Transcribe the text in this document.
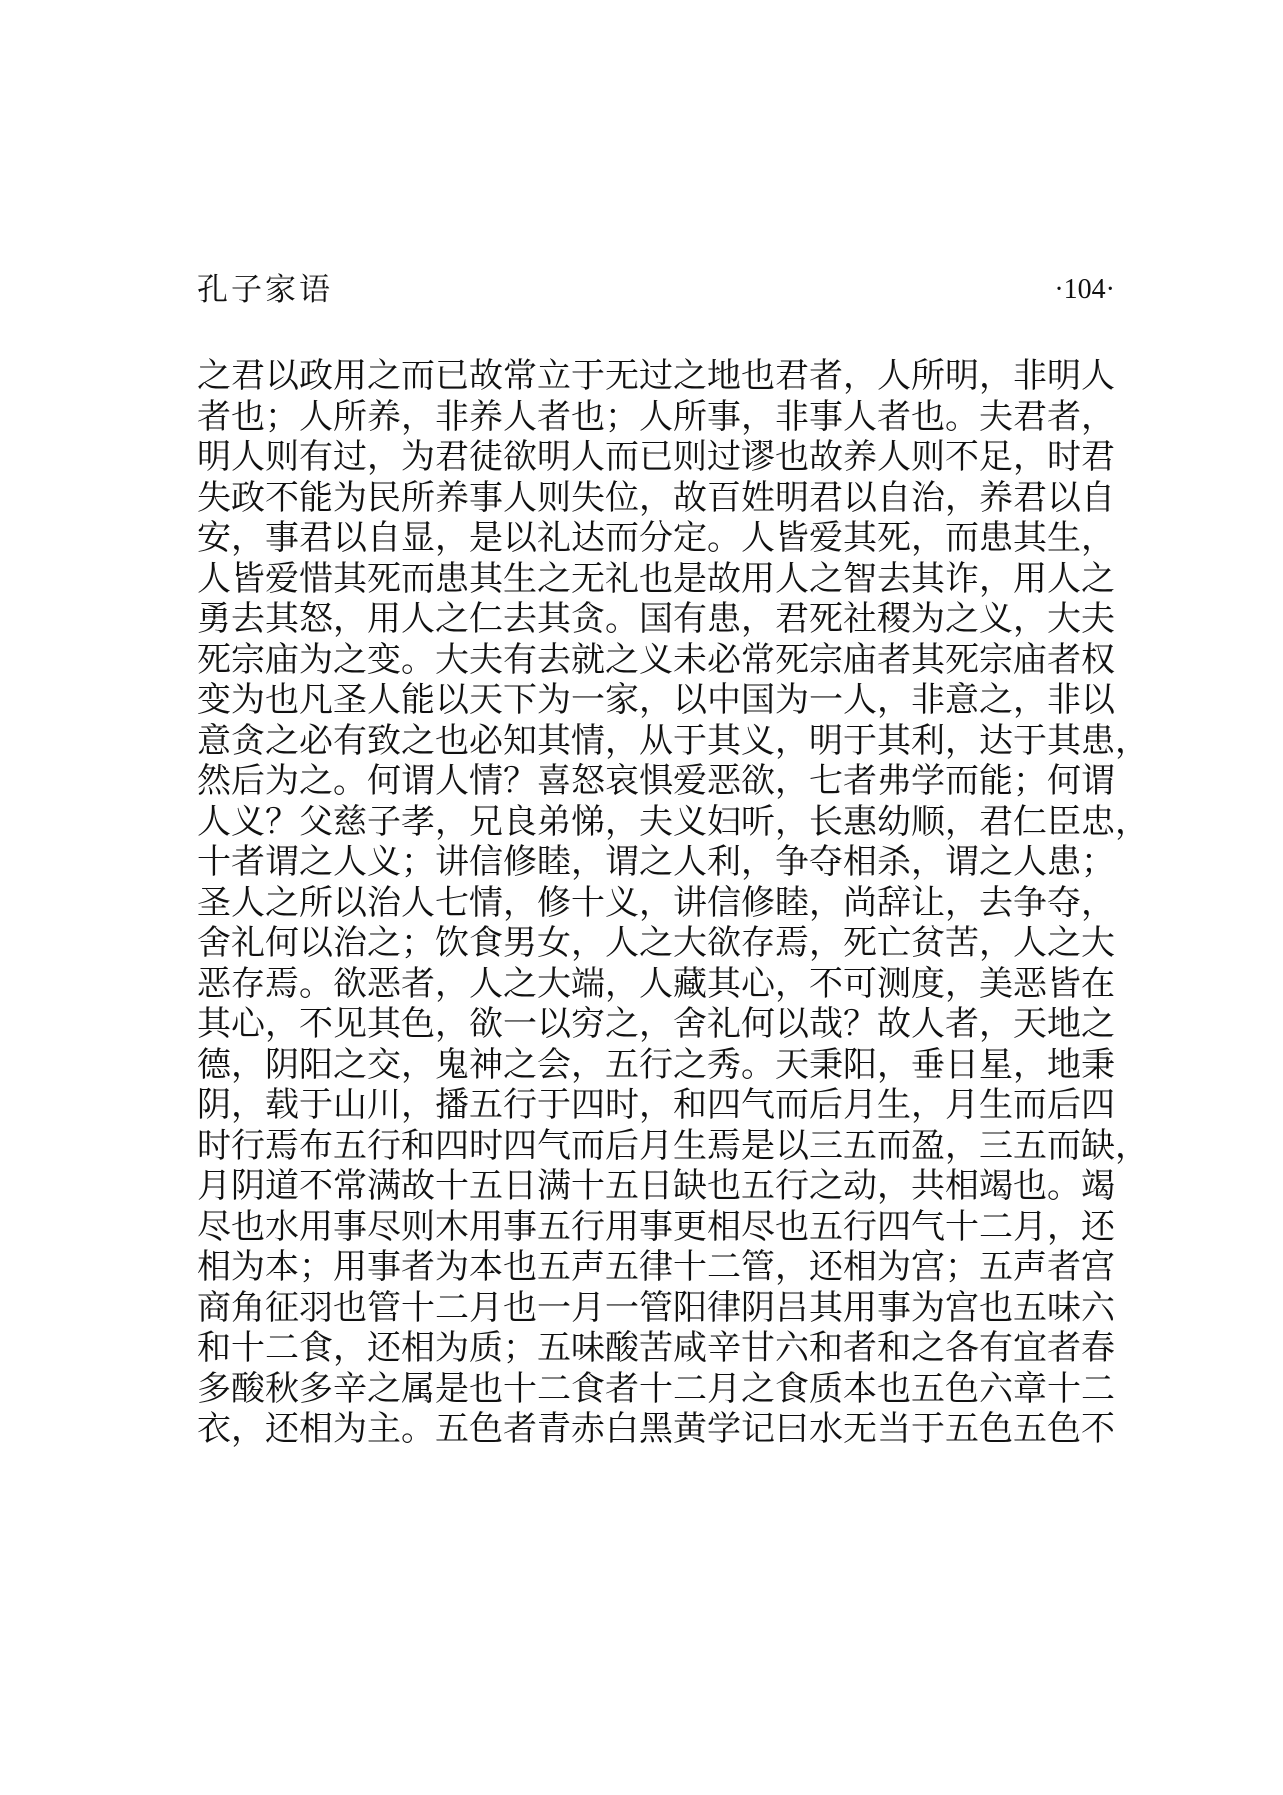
孔子家语	·104·
之君以政用之而已故常立于无过之地也君者，人所明，非明人
者也；人所养，非养人者也；人所事，非事人者也。夫君者，
明人则有过，为君徒欲明人而已则过谬也故养人则不足，时君
失政不能为民所养事人则失位，故百姓明君以自治，养君以自
安，事君以自显，是以礼达而分定。人皆爱其死，而患其生，
人皆爱惜其死而患其生之无礼也是故用人之智去其诈，用人之
勇去其怒，用人之仁去其贪。国有患，君死社稷为之义，大夫
死宗庙为之变。大夫有去就之义未必常死宗庙者其死宗庙者权
变为也凡圣人能以天下为一家，以中国为一人，非意之，非以
意贪之必有致之也必知其情，从于其义，明于其利，达于其患，
然后为之。何谓人情？喜怒哀惧爱恶欲，七者弗学而能；何谓
人义？父慈子孝，兄良弟悌，夫义妇听，长惠幼顺，君仁臣忠，
十者谓之人义；讲信修睦，谓之人利，争夺相杀，谓之人患；
圣人之所以治人七情，修十义，讲信修睦，尚辞让，去争夺，
舍礼何以治之；饮食男女，人之大欲存焉，死亡贫苦，人之大
恶存焉。欲恶者，人之大端，人藏其心，不可测度，美恶皆在
其心，不见其色，欲一以穷之，舍礼何以哉？故人者，天地之
德，阴阳之交，鬼神之会，五行之秀。天秉阳，垂日星，地秉
阴，载于山川，播五行于四时，和四气而后月生，月生而后四
时行焉布五行和四时四气而后月生焉是以三五而盈，三五而缺，
月阴道不常满故十五日满十五日缺也五行之动，共相竭也。竭
尽也水用事尽则木用事五行用事更相尽也五行四气十二月，还
相为本；用事者为本也五声五律十二管，还相为宫；五声者宫
商角征羽也管十二月也一月一管阳律阴吕其用事为宫也五味六
和十二食，还相为质；五味酸苦咸辛甘六和者和之各有宜者春
多酸秋多辛之属是也十二食者十二月之食质本也五色六章十二
衣，还相为主。五色者青赤白黑黄学记曰水无当于五色五色不
